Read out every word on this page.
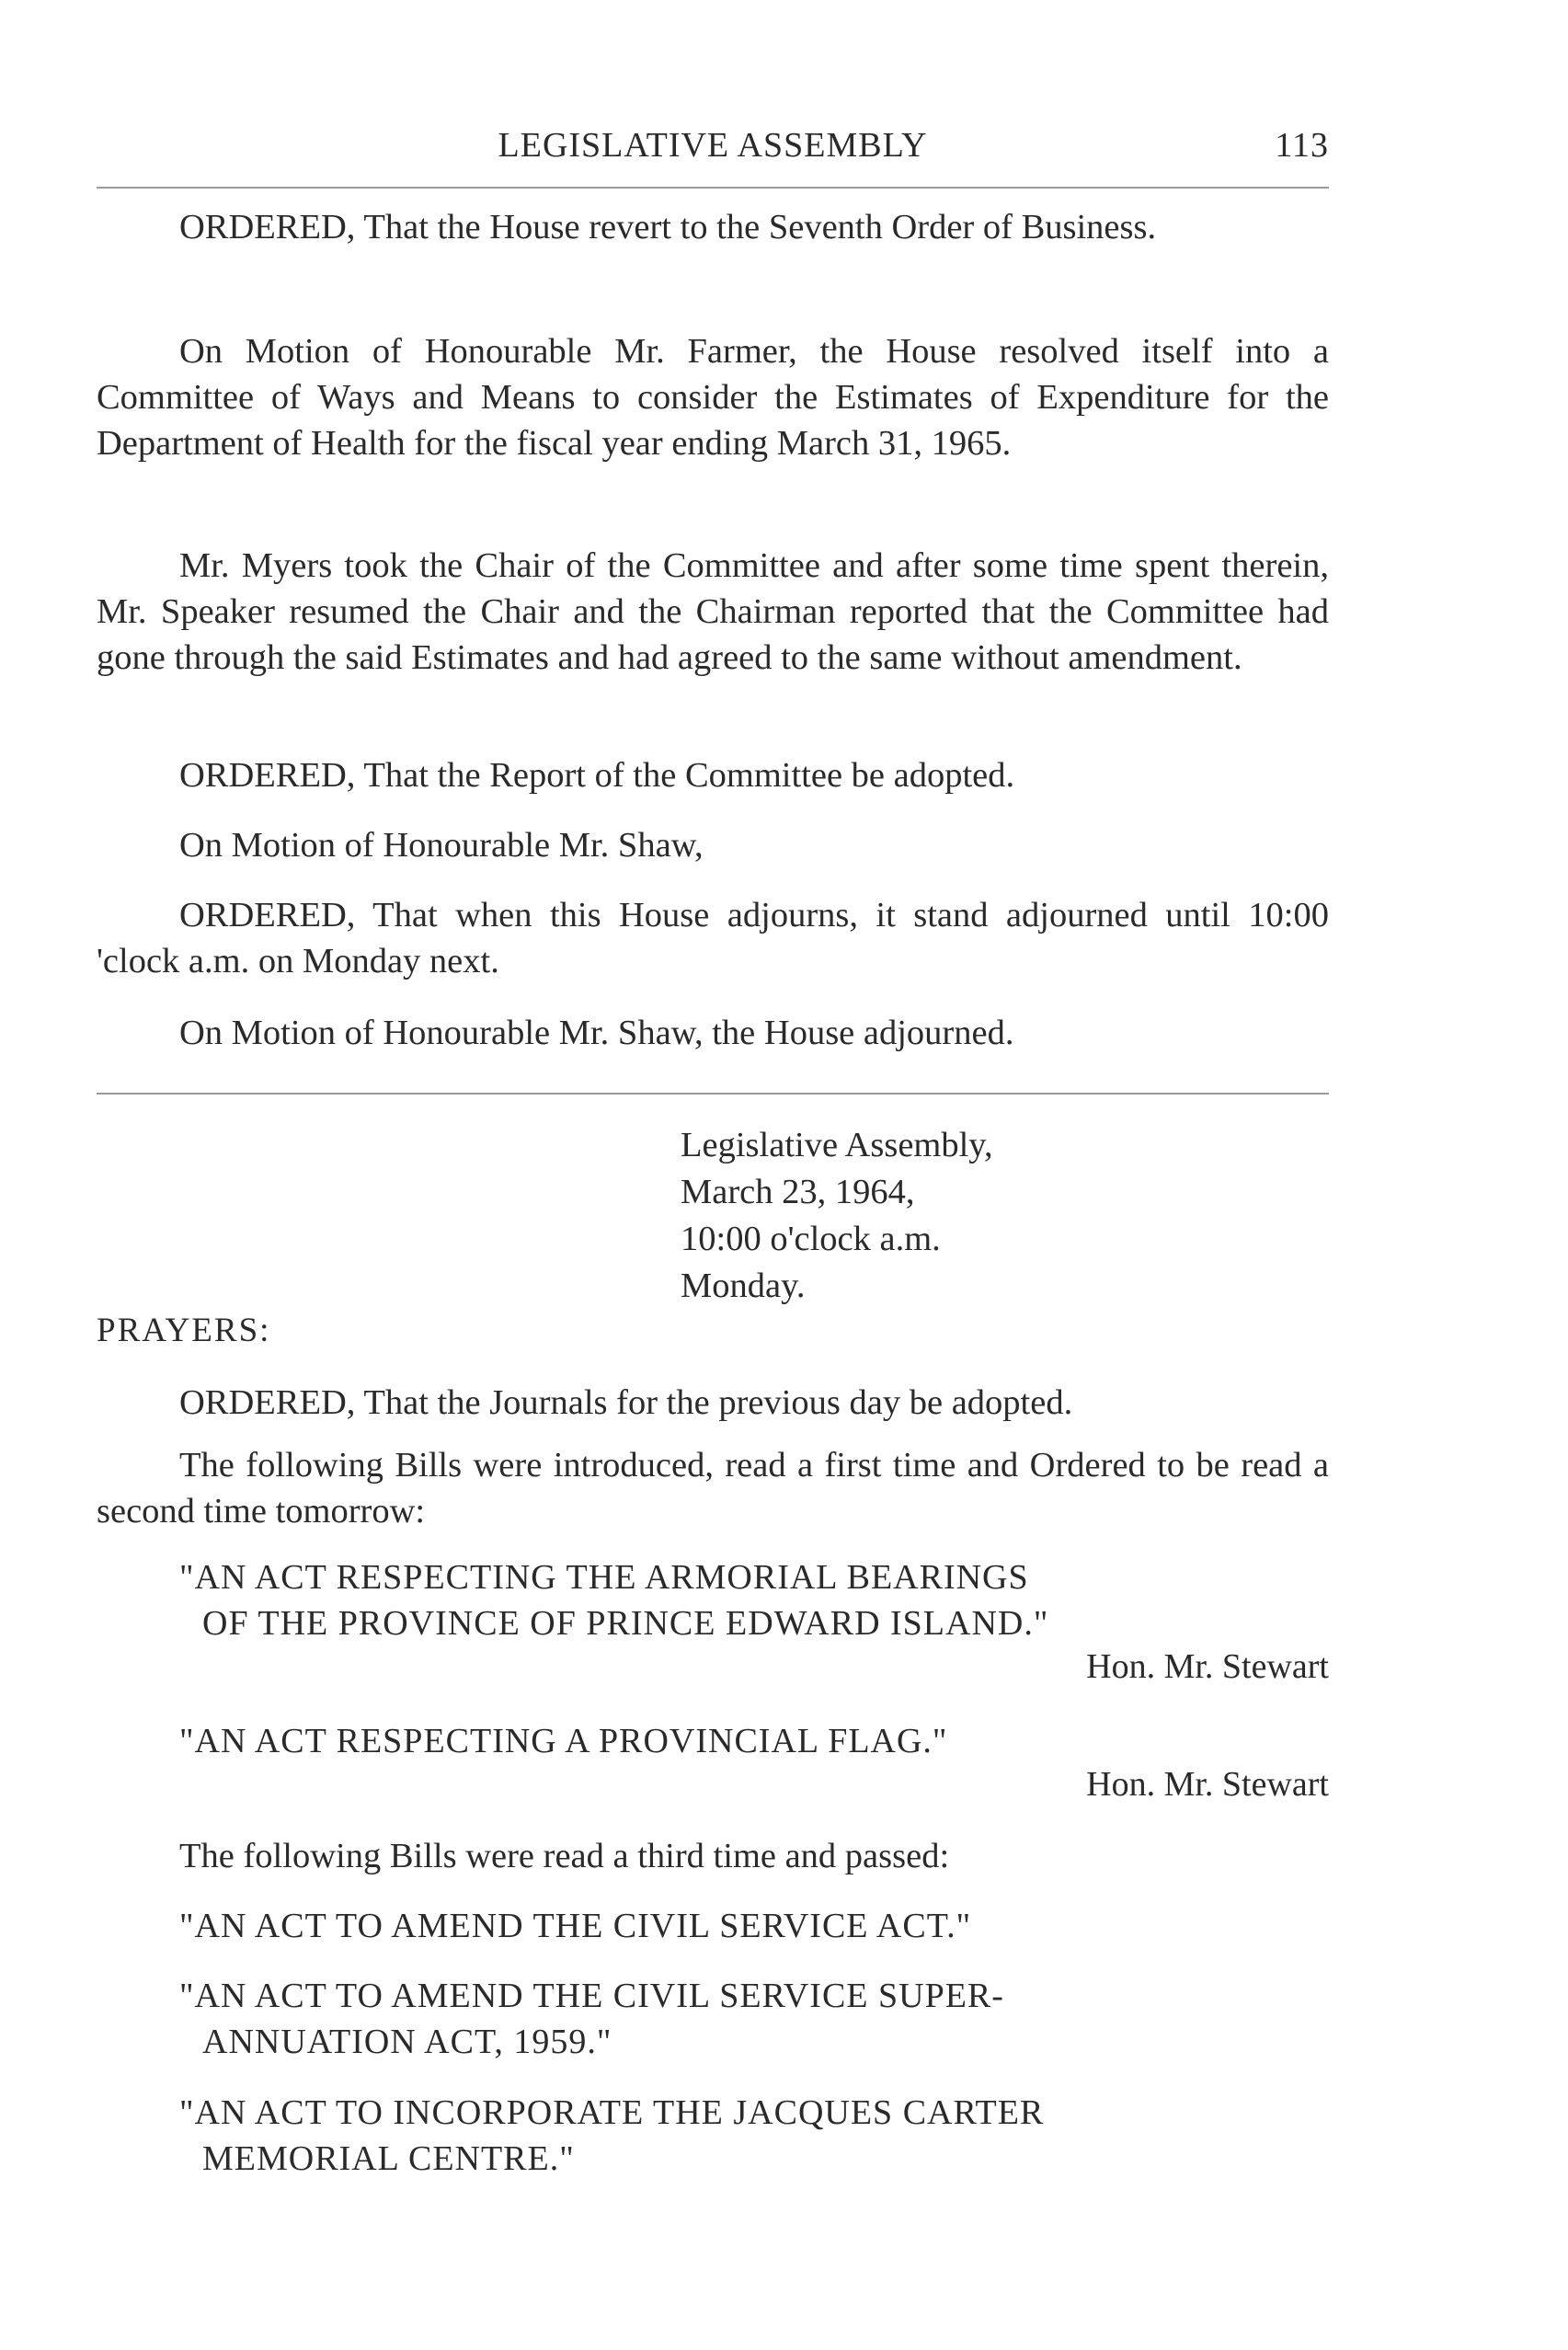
LEGISLATIVE ASSEMBLY	113

ORDERED, That the House revert to the Seventh Order of Business.

On Motion of Honourable Mr. Farmer, the House resolved itself into a Committee of Ways and Means to consider the Estimates of Expenditure for the Department of Health for the fiscal year ending March 31, 1965.

Mr. Myers took the Chair of the Committee and after some time spent therein, Mr. Speaker resumed the Chair and the Chairman reported that the Committee had gone through the said Estimates and had agreed to the same without amendment.

ORDERED, That the Report of the Committee be adopted.

On Motion of Honourable Mr. Shaw,

ORDERED, That when this House adjourns, it stand adjourned until 10:00 'clock a.m. on Monday next.

On Motion of Honourable Mr. Shaw, the House adjourned.

Legislative Assembly,
March 23, 1964,
10:00 o'clock a.m.
Monday.
PRAYERS:

ORDERED, That the Journals for the previous day be adopted.

The following Bills were introduced, read a first time and Ordered to be read a second time tomorrow:

"AN ACT RESPECTING THE ARMORIAL BEARINGS
OF THE PROVINCE OF PRINCE EDWARD ISLAND."
Hon. Mr. Stewart
"AN ACT RESPECTING A PROVINCIAL FLAG."
Hon. Mr. Stewart

The following Bills were read a third time and passed:

"AN ACT TO AMEND THE CIVIL SERVICE ACT."
"AN ACT TO AMEND THE CIVIL SERVICE SUPER-
ANNUATION ACT, 1959."
"AN ACT TO INCORPORATE THE JACQUES CARTER
MEMORIAL CENTRE."
